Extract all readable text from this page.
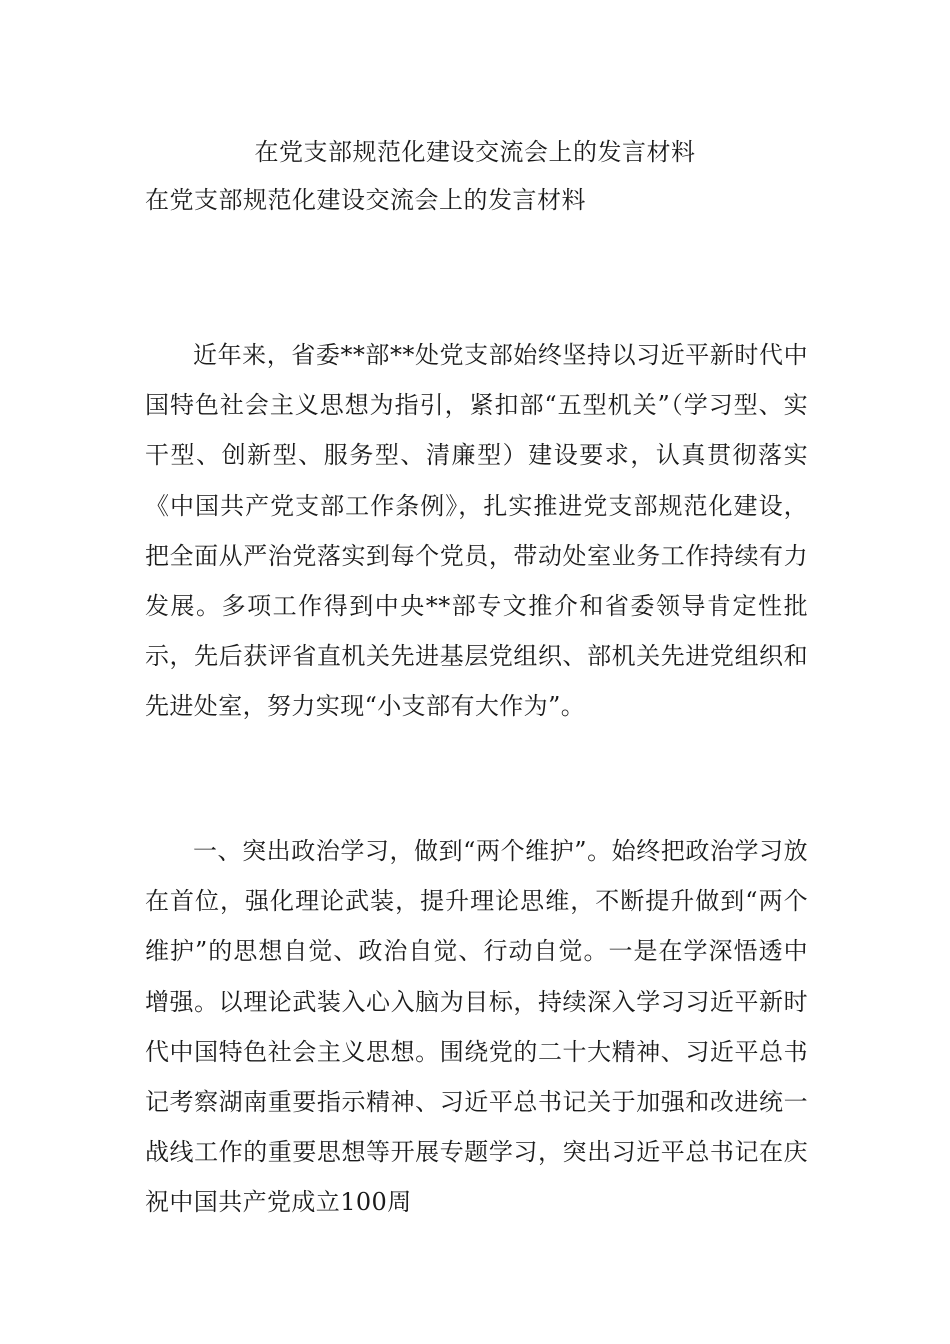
在党支部规范化建设交流会上的发言材料
在党支部规范化建设交流会上的发言材料

近年来，省委**部**处党支部始终坚持以习近平新时代中国特色社会主义思想为指引，紧扣部“五型机关”（学习型、实干型、创新型、服务型、清廉型）建设要求，认真贯彻落实《中国共产党支部工作条例》，扎实推进党支部规范化建设，把全面从严治党落实到每个党员，带动处室业务工作持续有力发展。多项工作得到中央**部专文推介和省委领导肯定性批示，先后获评省直机关先进基层党组织、部机关先进党组织和先进处室，努力实现“小支部有大作为”。

一、突出政治学习，做到“两个维护”。始终把政治学习放在首位，强化理论武装，提升理论思维，不断提升做到“两个维护”的思想自觉、政治自觉、行动自觉。一是在学深悟透中增强。以理论武装入心入脑为目标，持续深入学习习近平新时代中国特色社会主义思想。围绕党的二十大精神、习近平总书记考察湖南重要指示精神、习近平总书记关于加强和改进统一战线工作的重要思想等开展专题学习，突出习近平总书记在庆祝中国共产党成立100周
